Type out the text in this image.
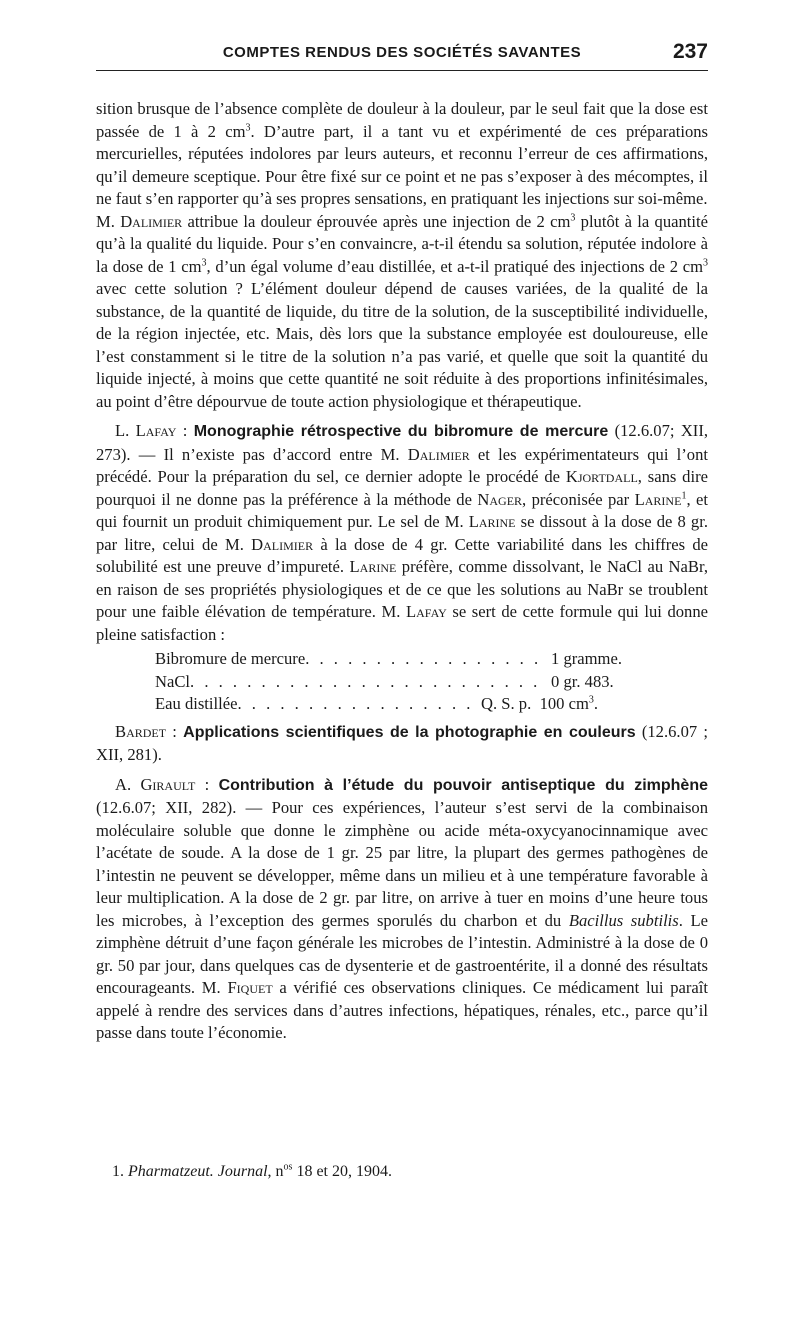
COMPTES RENDUS DES SOCIÉTÉS SAVANTES	237

sition brusque de l’absence complète de douleur à la douleur, par le seul fait que la dose est passée de 1 à 2 $cm^3$. D’autre part, il a tant vu et expérimenté de ces préparations mercurielles, réputées indolores par leurs auteurs, et reconnu l’erreur de ces affirmations, qu’il demeure sceptique. Pour être fixé sur ce point et ne pas s’exposer à des mécomptes, il ne faut s’en rapporter qu’à ses propres sensations, en pratiquant les injections sur soi-même.

M. Dalimier attribue la douleur éprouvée après une injection de 2 $cm^3$ plutôt à la quantité qu’à la qualité du liquide. Pour s’en convaincre, a-t-il étendu sa solution, réputée indolore à la dose de 1 $cm^3$, d’un égal volume d’eau distillée, et a-t-il pratiqué des injections de 2 $cm^3$ avec cette solution ? L’élément douleur dépend de causes variées, de la qualité de la substance, de la quantité de liquide, du titre de la solution, de la susceptibilité individuelle, de la région injectée, etc. Mais, dès lors que la substance employée est douloureuse, elle l’est constamment si le titre de la solution n’a pas varié, et quelle que soit la quantité du liquide injecté, à moins que cette quantité ne soit réduite à des proportions infinitésimales, au point d’être dépourvue de toute action physiologique et thérapeutique.

L. Lafay : Monographie rétrospective du bibromure de mercure (12.6.07; XII, 273). — Il n’existe pas d’accord entre M. Dalimier et les expérimentateurs qui l’ont précédé. Pour la préparation du sel, ce dernier adopte le procédé de Kjortdall, sans dire pourquoi il ne donne pas la préférence à la méthode de Nager, préconisée par Larine$^1$, et qui fournit un produit chimiquement pur. Le sel de M. Larine se dissout à la dose de 8 gr. par litre, celui de M. Dalimier à la dose de 4 gr. Cette variabilité dans les chiffres de solubilité est une preuve d’impureté. Larine préfère, comme dissolvant, le NaCl au NaBr, en raison de ses propriétés physiologiques et de ce que les solutions au NaBr se troublent pour une faible élévation de température. M. Lafay se sert de cette formule qui lui donne pleine satisfaction :

Bibromure de mercure . . .	1 gramme.
NaCl . . .	0 gr. 483.
Eau distillée . . .	Q. S. p. 100 $cm^3$.

Bardet : Applications scientifiques de la photographie en couleurs (12.6.07 ; XII, 281).

A. Girault : Contribution à l’étude du pouvoir antiseptique du zimphène (12.6.07; XII, 282). — Pour ces expériences, l’auteur s’est servi de la combinaison moléculaire soluble que donne le zimphène ou acide méta-oxycyanocinnamique avec l’acétate de soude. A la dose de 1 gr. 25 par litre, la plupart des germes pathogènes de l’intestin ne peuvent se développer, même dans un milieu et à une température favorable à leur multiplication. A la dose de 2 gr. par litre, on arrive à tuer en moins d’une heure tous les microbes, à l’exception des germes sporulés du charbon et du Bacillus subtilis. Le zimphène détruit d’une façon générale les microbes de l’intestin. Administré à la dose de 0 gr. 50 par jour, dans quelques cas de dysenterie et de gastroentérite, il a donné des résultats encourageants. M. Fiquet a vérifié ces observations cliniques. Ce médicament lui paraît appelé à rendre des services dans d’autres infections, hépatiques, rénales, etc., parce qu’il passe dans toute l’économie.

1. Pharmatzeut. Journal, $n^{os}$ 18 et 20, 1904.
